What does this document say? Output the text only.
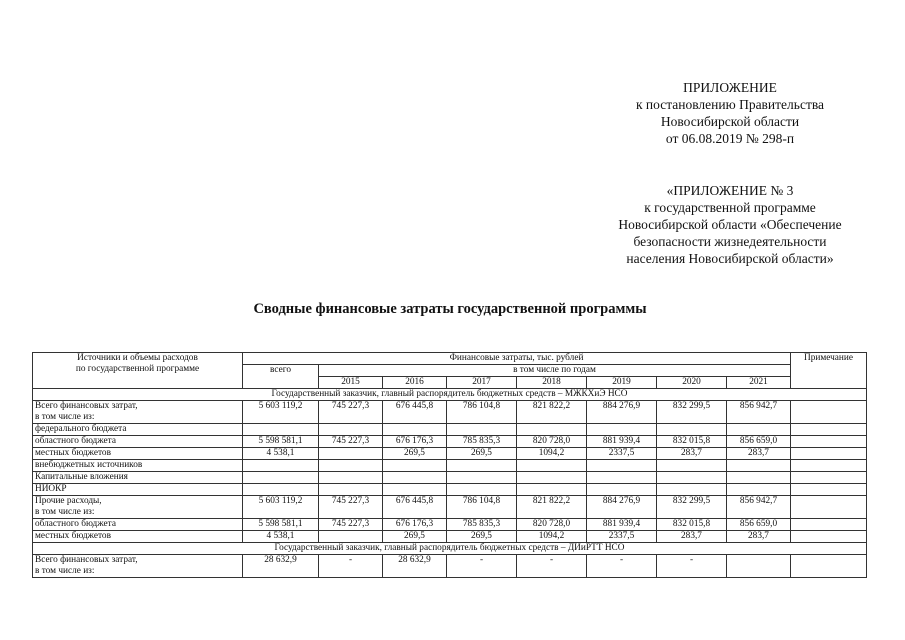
ПРИЛОЖЕНИЕ
к постановлению Правительства
Новосибирской области
от 06.08.2019 № 298-п
«ПРИЛОЖЕНИЕ № 3
к государственной программе
Новосибирской области «Обеспечение
безопасности жизнедеятельности
населения Новосибирской области»
Сводные финансовые затраты государственной программы
Источники и объемы расходов
по государственной программе	Финансовые затраты, тыс. рублей								Примечание
	всего	в том числе по годам							
		2015	2016	2017	2018	2019	2020	2021	
Государственный заказчик, главный распорядитель бюджетных средств – МЖКХиЭ НСО									

Всего финансовых затрат,
в том числе из:	5 603 119,2	745 227,3	676 445,8	786 104,8	821 822,2	884 276,9	832 299,5	856 942,7	

федерального бюджета									

областного бюджета	5 598 581,1	745 227,3	676 176,3	785 835,3	820 728,0	881 939,4	832 015,8	856 659,0	

местных бюджетов	4 538,1		269,5	269,5	1094,2	2337,5	283,7	283,7	

внебюджетных источников									

Капитальные вложения									

НИОКР									

Прочие расходы,
в том числе из:	5 603 119,2	745 227,3	676 445,8	786 104,8	821 822,2	884 276,9	832 299,5	856 942,7	

областного бюджета	5 598 581,1	745 227,3	676 176,3	785 835,3	820 728,0	881 939,4	832 015,8	856 659,0	

местных бюджетов	4 538,1		269,5	269,5	1094,2	2337,5	283,7	283,7	
Государственный заказчик, главный распорядитель бюджетных средств – ДИиРТТ НСО									

Всего финансовых затрат,
в том числе из:	28 632,9	-	28 632,9	-	-	-	-		
